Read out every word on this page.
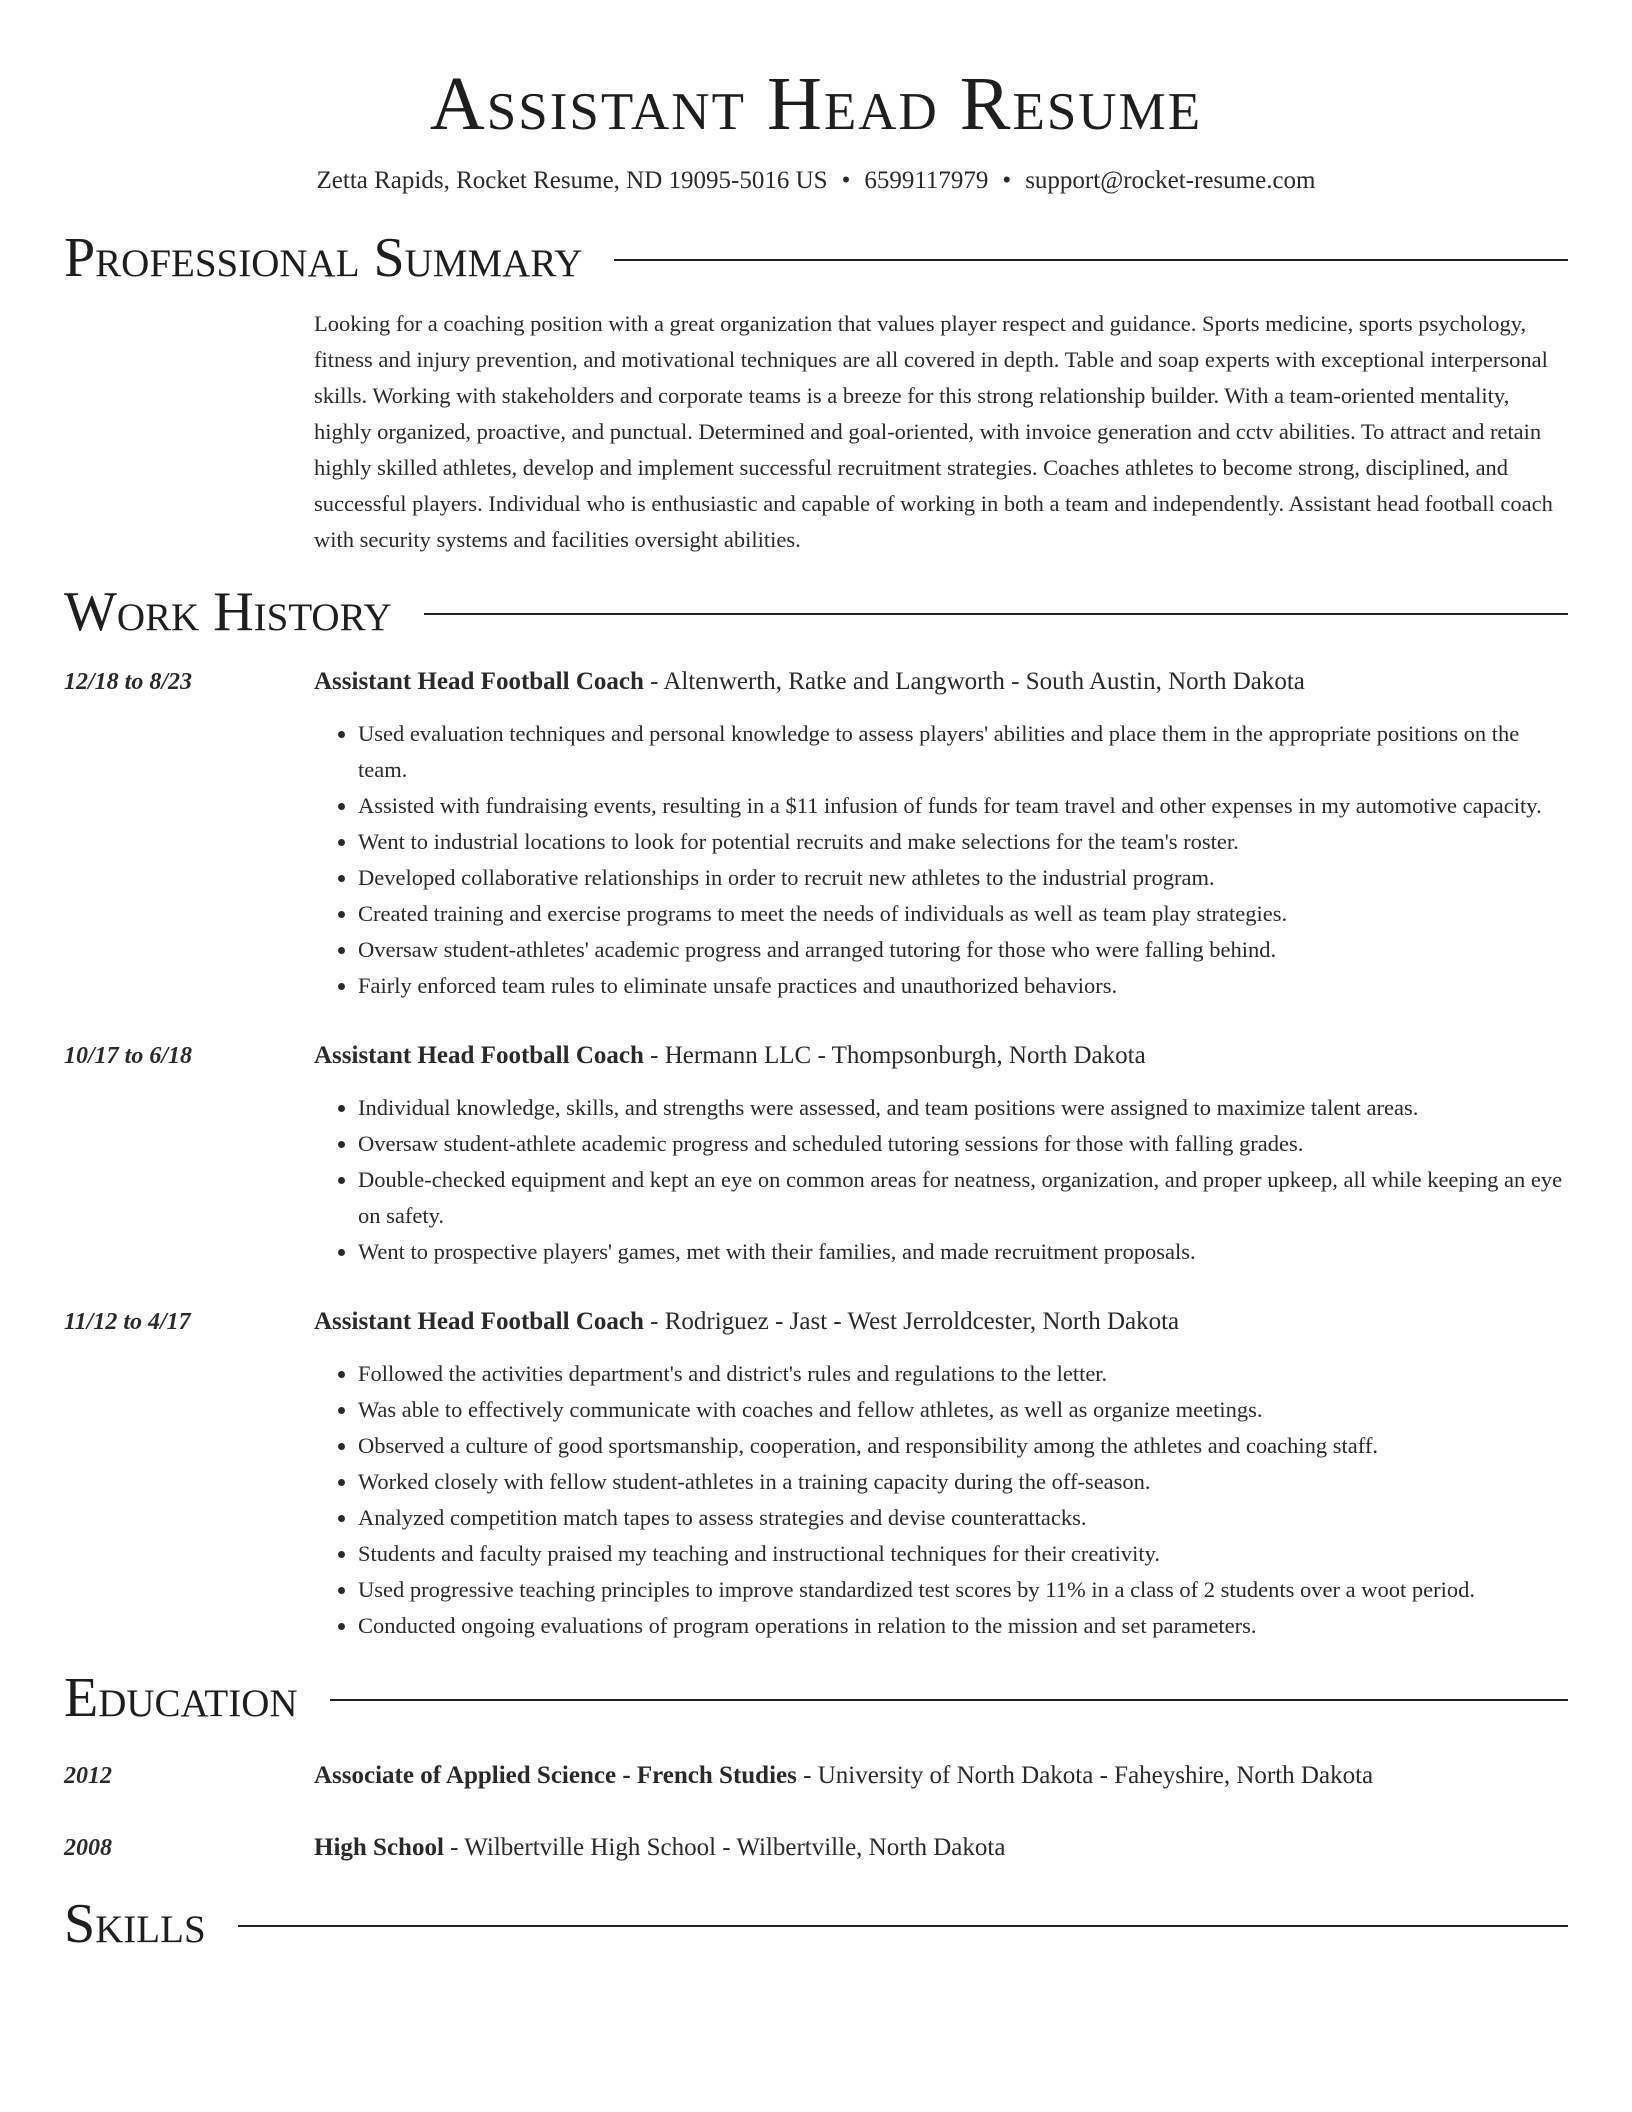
Assistant Head Resume
Zetta Rapids, Rocket Resume, ND 19095-5016 US • 6599117979 • support@rocket-resume.com
Professional Summary
Looking for a coaching position with a great organization that values player respect and guidance. Sports medicine, sports psychology, fitness and injury prevention, and motivational techniques are all covered in depth. Table and soap experts with exceptional interpersonal skills. Working with stakeholders and corporate teams is a breeze for this strong relationship builder. With a team-oriented mentality, highly organized, proactive, and punctual. Determined and goal-oriented, with invoice generation and cctv abilities. To attract and retain highly skilled athletes, develop and implement successful recruitment strategies. Coaches athletes to become strong, disciplined, and successful players. Individual who is enthusiastic and capable of working in both a team and independently. Assistant head football coach with security systems and facilities oversight abilities.
Work History
12/18 to 8/23	Assistant Head Football Coach - Altenwerth, Ratke and Langworth - South Austin, North Dakota
• Used evaluation techniques and personal knowledge to assess players' abilities and place them in the appropriate positions on the team.
• Assisted with fundraising events, resulting in a $11 infusion of funds for team travel and other expenses in my automotive capacity.
• Went to industrial locations to look for potential recruits and make selections for the team's roster.
• Developed collaborative relationships in order to recruit new athletes to the industrial program.
• Created training and exercise programs to meet the needs of individuals as well as team play strategies.
• Oversaw student-athletes' academic progress and arranged tutoring for those who were falling behind.
• Fairly enforced team rules to eliminate unsafe practices and unauthorized behaviors.
10/17 to 6/18	Assistant Head Football Coach - Hermann LLC - Thompsonburgh, North Dakota
• Individual knowledge, skills, and strengths were assessed, and team positions were assigned to maximize talent areas.
• Oversaw student-athlete academic progress and scheduled tutoring sessions for those with falling grades.
• Double-checked equipment and kept an eye on common areas for neatness, organization, and proper upkeep, all while keeping an eye on safety.
• Went to prospective players' games, met with their families, and made recruitment proposals.
11/12 to 4/17	Assistant Head Football Coach - Rodriguez - Jast - West Jerroldcester, North Dakota
• Followed the activities department's and district's rules and regulations to the letter.
• Was able to effectively communicate with coaches and fellow athletes, as well as organize meetings.
• Observed a culture of good sportsmanship, cooperation, and responsibility among the athletes and coaching staff.
• Worked closely with fellow student-athletes in a training capacity during the off-season.
• Analyzed competition match tapes to assess strategies and devise counterattacks.
• Students and faculty praised my teaching and instructional techniques for their creativity.
• Used progressive teaching principles to improve standardized test scores by 11% in a class of 2 students over a woot period.
• Conducted ongoing evaluations of program operations in relation to the mission and set parameters.
Education
2012	Associate of Applied Science - French Studies - University of North Dakota - Faheyshire, North Dakota
2008	High School - Wilbertville High School - Wilbertville, North Dakota
Skills
